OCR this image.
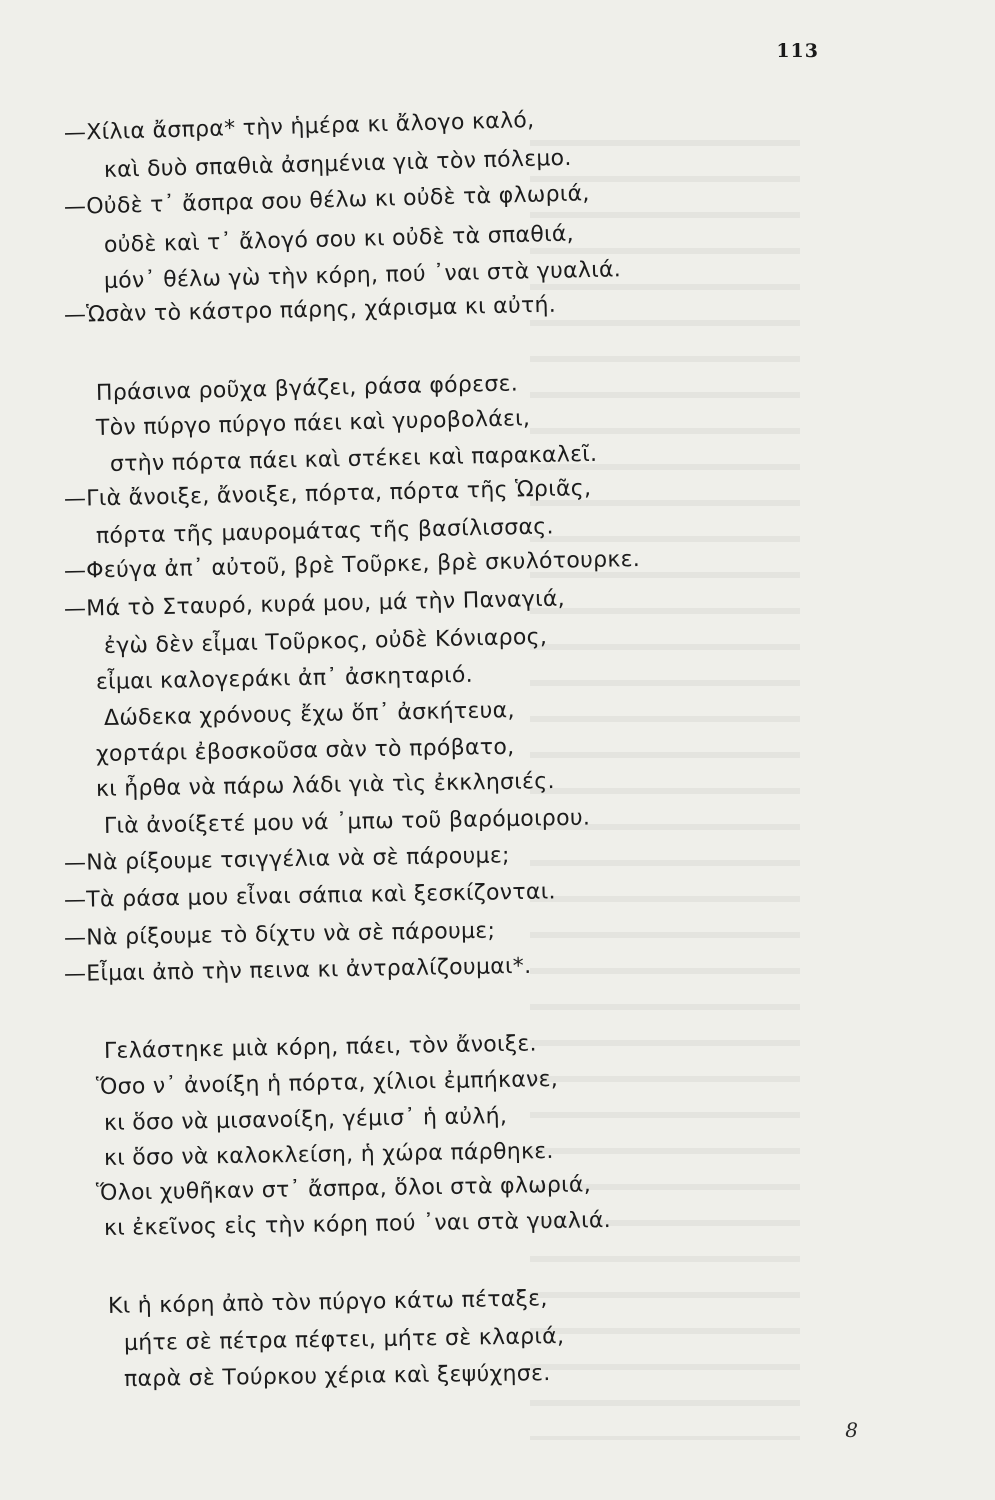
113
—Χίλια ἄσπρα* τὴν ἡμέρα κι ἄλογο καλό,
καὶ δυὸ σπαθιὰ ἀσημένια γιὰ τὸν πόλεμο.
—Οὐδὲ τ᾿ ἄσπρα σου θέλω κι οὐδὲ τὰ φλωριά,
οὐδὲ καὶ τ᾿ ἄλογό σου κι οὐδὲ τὰ σπαθιά,
μόν᾿ θέλω γὼ τὴν κόρη, πού ᾿ναι στὰ γυαλιά.
—Ὡσὰν τὸ κάστρο πάρης, χάρισμα κι αὐτή.
Πράσινα ροῦχα βγάζει, ράσα φόρεσε.
Τὸν πύργο πύργο πάει καὶ γυροβολάει,
στὴν πόρτα πάει καὶ στέκει καὶ παρακαλεῖ.
—Γιὰ ἄνοιξε, ἄνοιξε, πόρτα, πόρτα τῆς Ὡριᾶς,
πόρτα τῆς μαυρομάτας τῆς βασίλισσας.
—Φεύγα ἀπ᾿ αὐτοῦ, βρὲ Τοῦρκε, βρὲ σκυλότουρκε.
—Μά τὸ Σταυρό, κυρά μου, μά τὴν Παναγιά,
ἐγὼ δὲν εἶμαι Τοῦρκος, οὐδὲ Κόνιαρος,
εἶμαι καλογεράκι ἀπ᾿ ἀσκηταριό.
Δώδεκα χρόνους ἔχω ὅπ᾿ ἀσκήτευα,
χορτάρι ἐβοσκοῦσα σὰν τὸ πρόβατο,
κι ἦρθα νὰ πάρω λάδι γιὰ τὶς ἐκκλησιές.
Γιὰ ἀνοίξετέ μου νά ᾿μπω τοῦ βαρόμοιρου.
—Νὰ ρίξουμε τσιγγέλια νὰ σὲ πάρουμε;
—Τὰ ράσα μου εἶναι σάπια καὶ ξεσκίζονται.
—Νὰ ρίξουμε τὸ δίχτυ νὰ σὲ πάρουμε;
—Εἶμαι ἀπὸ τὴν πεινα κι ἀντραλίζουμαι*.
Γελάστηκε μιὰ κόρη, πάει, τὸν ἄνοιξε.
Ὅσο ν᾿ ἀνοίξη ἡ πόρτα, χίλιοι ἐμπήκανε,
κι ὅσο νὰ μισανοίξη, γέμισ᾿ ἡ αὐλή,
κι ὅσο νὰ καλοκλείση, ἡ χώρα πάρθηκε.
Ὅλοι χυθῆκαν στ᾿ ἄσπρα, ὅλοι στὰ φλωριά,
κι ἐκεῖνος εἰς τὴν κόρη πού ᾿ναι στὰ γυαλιά.
Κι ἡ κόρη ἀπὸ τὸν πύργο κάτω πέταξε,
μήτε σὲ πέτρα πέφτει, μήτε σὲ κλαριά,
παρὰ σὲ Τούρκου χέρια καὶ ξεψύχησε.
8
